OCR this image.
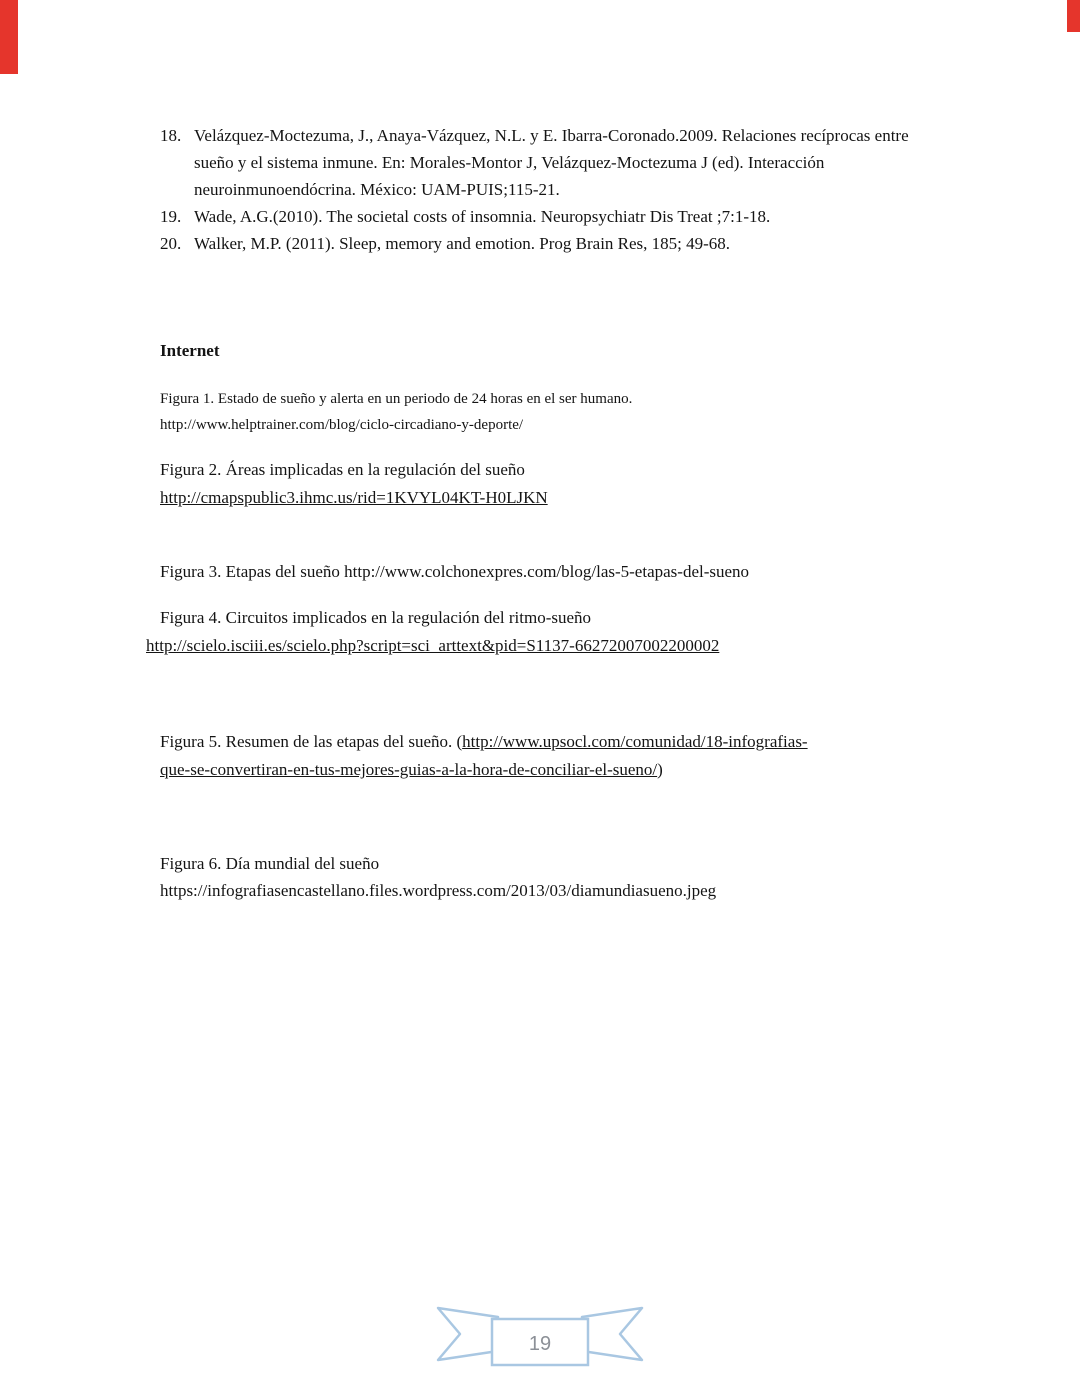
18. Velázquez-Moctezuma, J., Anaya-Vázquez, N.L. y E. Ibarra-Coronado.2009. Relaciones recíprocas entre sueño y el sistema inmune. En: Morales-Montor J, Velázquez-Moctezuma J (ed). Interacción neuroinmunoendócrina. México: UAM-PUIS;115-21.
19. Wade, A.G.(2010). The societal costs of insomnia. Neuropsychiatr Dis Treat ;7:1-18.
20. Walker, M.P. (2011). Sleep, memory and emotion. Prog Brain Res, 185; 49-68.
Internet
Figura 1. Estado de sueño y alerta en un periodo de 24 horas en el ser humano.
http://www.helptrainer.com/blog/ciclo-circadiano-y-deporte/
Figura 2. Áreas implicadas en la regulación del sueño
http://cmapspublic3.ihmc.us/rid=1KVYL04KT-H0LJKN
Figura 3. Etapas del sueño http://www.colchonexpres.com/blog/las-5-etapas-del-sueno
Figura 4. Circuitos implicados en la regulación del ritmo-sueño
http://scielo.isciii.es/scielo.php?script=sci_arttext&pid=S1137-66272007002200002
Figura 5. Resumen de las etapas del sueño. (http://www.upsocl.com/comunidad/18-infografias-
que-se-convertiran-en-tus-mejores-guias-a-la-hora-de-conciliar-el-sueno/)
Figura 6. Día mundial del sueño
https://infografiasencastellano.files.wordpress.com/2013/03/diamundiasueno.jpeg
19
